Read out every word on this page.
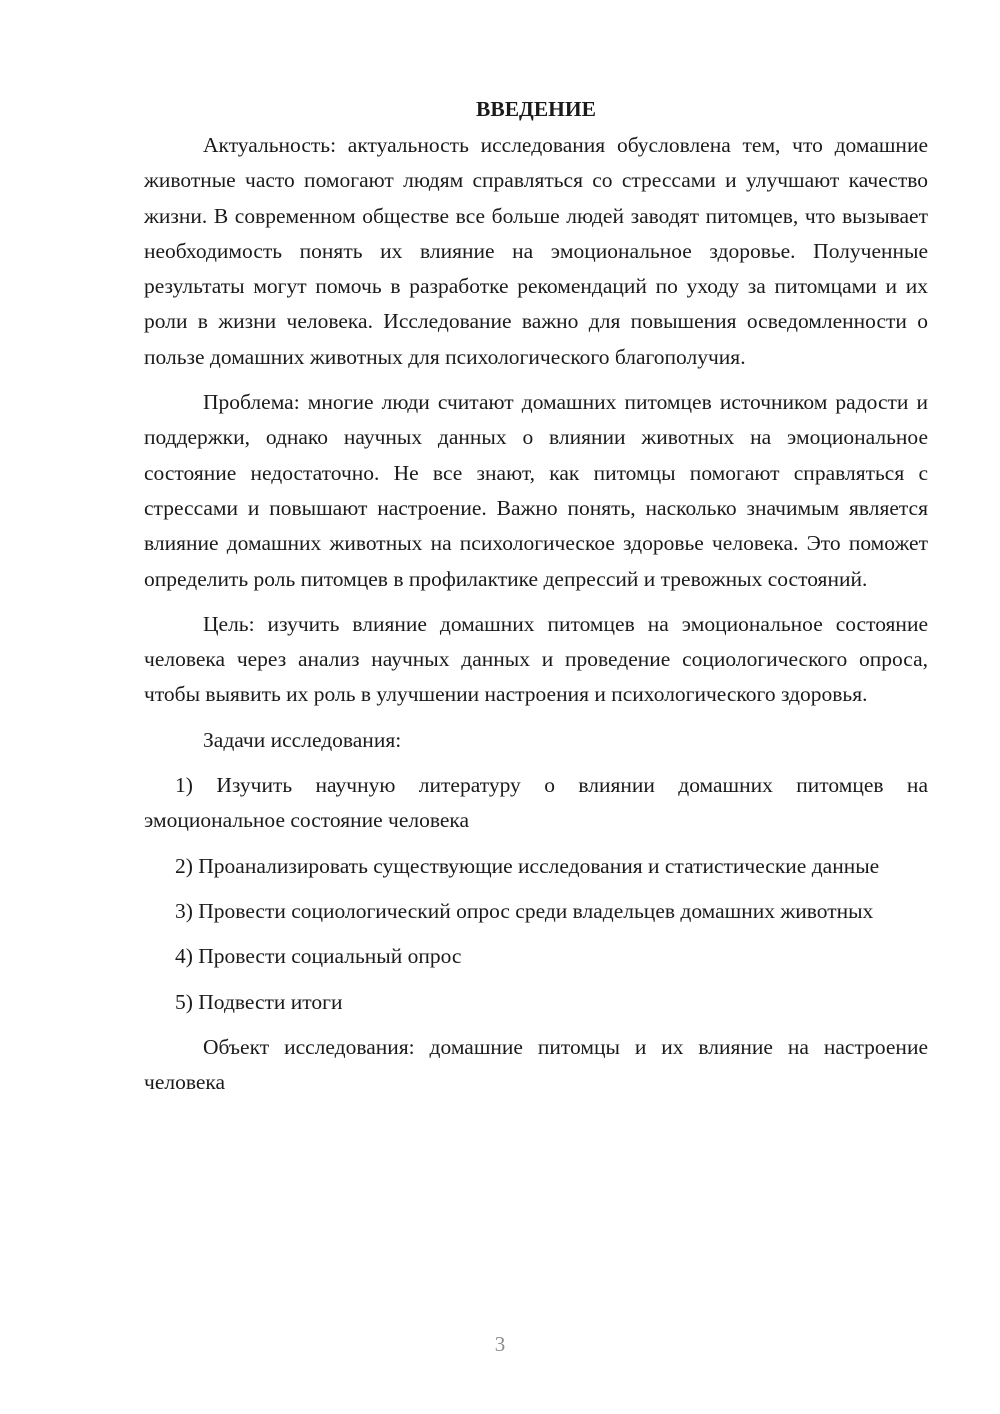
ВВЕДЕНИЕ

Актуальность: актуальность исследования обусловлена тем, что домашние животные часто помогают людям справляться со стрессами и улучшают качество жизни. В современном обществе все больше людей заводят питомцев, что вызывает необходимость понять их влияние на эмоциональное здоровье. Полученные результаты могут помочь в разработке рекомендаций по уходу за питомцами и их роли в жизни человека. Исследование важно для повышения осведомленности о пользе домашних животных для психологического благополучия.

Проблема: многие люди считают домашних питомцев источником радости и поддержки, однако научных данных о влиянии животных на эмоциональное состояние недостаточно. Не все знают, как питомцы помогают справляться с стрессами и повышают настроение. Важно понять, насколько значимым является влияние домашних животных на психологическое здоровье человека. Это поможет определить роль питомцев в профилактике депрессий и тревожных состояний.

Цель: изучить влияние домашних питомцев на эмоциональное состояние человека через анализ научных данных и проведение социологического опроса, чтобы выявить их роль в улучшении настроения и психологического здоровья.

Задачи исследования:

1) Изучить научную литературу о влиянии домашних питомцев на эмоциональное состояние человека

2) Проанализировать существующие исследования и статистические данные

3) Провести социологический опрос среди владельцев домашних животных

4) Провести социальный опрос

5) Подвести итоги

Объект исследования: домашние питомцы и их влияние на настроение человека

3
